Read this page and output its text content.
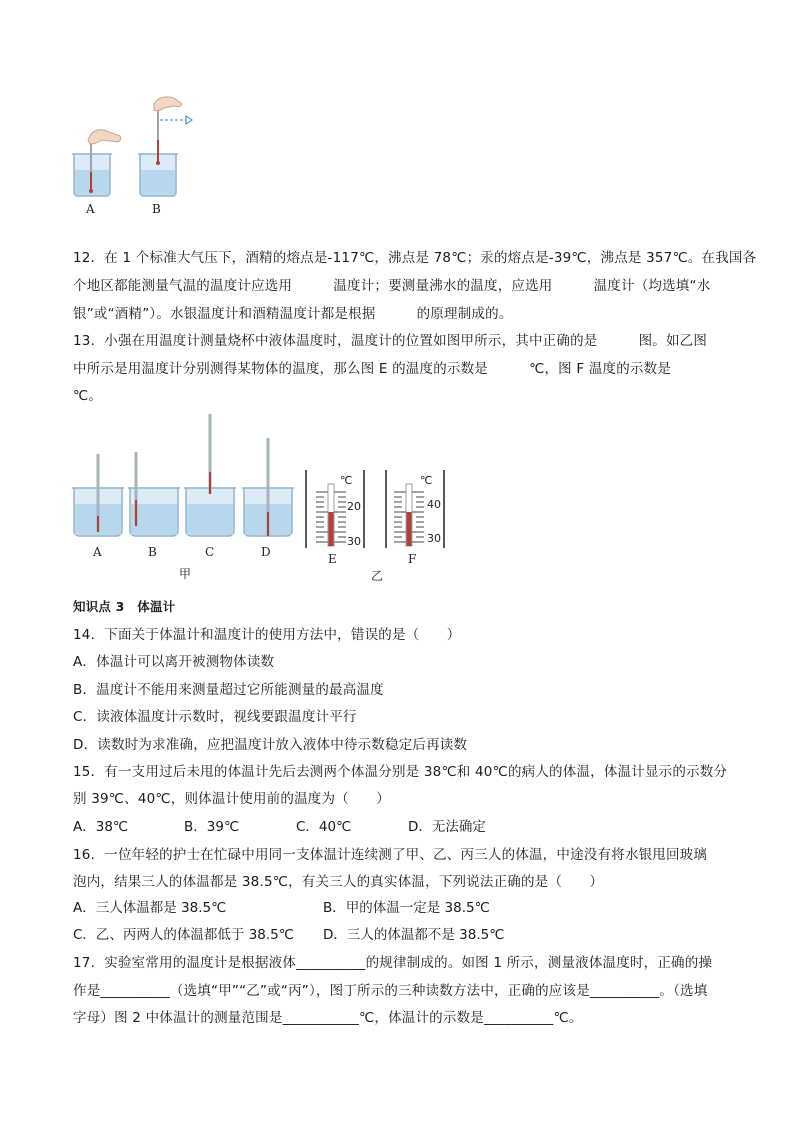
A	B
12．在 1 个标准大气压下，酒精的熔点是-117℃，沸点是 78℃；汞的熔点是-39℃，沸点是 357℃。在我国各
个地区都能测量气温的温度计应选用　　　温度计；要测量沸水的温度，应选用　　　温度计（均选填“水
银”或“酒精”）。水银温度计和酒精温度计都是根据　　　的原理制成的。
13．小强在用温度计测量烧杯中液体温度时，温度计的位置如图甲所示，其中正确的是　　　图。如乙图
中所示是用温度计分别测得某物体的温度，那么图 E 的温度的示数是　　　℃，图 F 温度的示数是
℃。
A	B	C	D
甲
℃
20
30
E
℃
40
30
F
乙
知识点 3　体温计
14．下面关于体温计和温度计的使用方法中，错误的是（　　）
A．体温计可以离开被测物体读数
B．温度计不能用来测量超过它所能测量的最高温度
C．读液体温度计示数时，视线要跟温度计平行
D．读数时为求准确，应把温度计放入液体中待示数稳定后再读数
15．有一支用过后未甩的体温计先后去测两个体温分别是 38℃和 40℃的病人的体温，体温计显示的示数分
别 39℃、40℃，则体温计使用前的温度为（　　）
A．38℃	B．39℃	C．40℃	D．无法确定
16．一位年轻的护士在忙碌中用同一支体温计连续测了甲、乙、丙三人的体温，中途没有将水银甩回玻璃
泡内，结果三人的体温都是 38.5℃，有关三人的真实体温，下列说法正确的是（　　）
A．三人体温都是 38.5℃	B．甲的体温一定是 38.5℃
C．乙、丙两人的体温都低于 38.5℃ D．三人的体温都不是 38.5℃
17．实验室常用的温度计是根据液体__________的规律制成的。如图 1 所示，测量液体温度时，正确的操
作是__________（选填“甲”“乙”或“丙”），图丁所示的三种读数方法中，正确的应该是__________。（选填
字母）图 2 中体温计的测量范围是___________℃，体温计的示数是__________℃。
